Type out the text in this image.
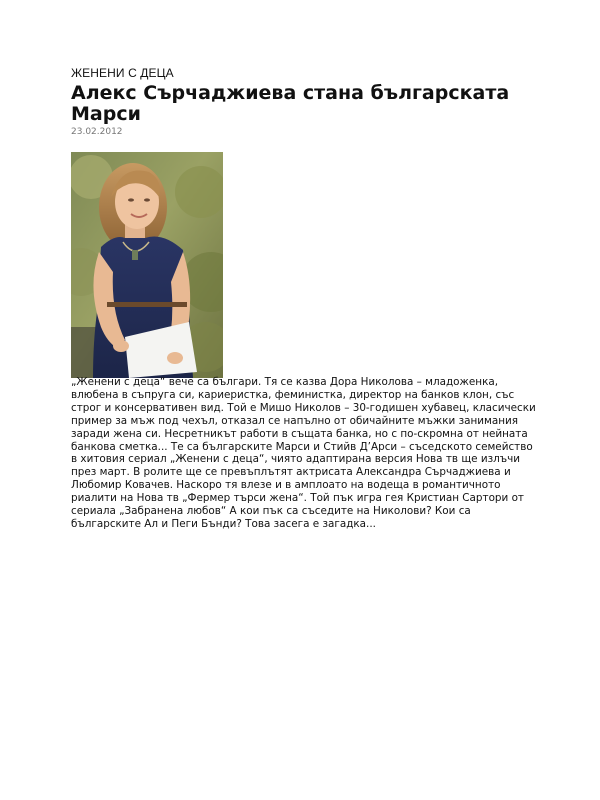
ЖЕНЕНИ С ДЕЦА

Алекс Сърчаджиева стана българската Марси

23.02.2012

„Женени с деца“ вече са българи. Тя се казва Дора Николова – младоженка, влюбена в съпруга си, кариеристка, феминистка, директор на банков клон, със строг и консервативен вид. Той е Мишо Николов – 30-годишен хубавец, класически пример за мъж под чехъл, отказал се напълно от обичайните мъжки занимания заради жена си. Несретникът работи в същата банка, но с по-скромна от нейната банкова сметка... Те са българските Марси и Стийв Д’Арси – съседското семейство в хитовия сериал „Женени с деца“, чиято адаптирана версия Нова тв ще излъчи през март. В ролите ще се превъплътят актрисата Александра Сърчаджиева и Любомир Ковачев. Наскоро тя влезе и в амплоато на водеща в романтичното риалити на Нова тв „Фермер търси жена“. Той пък игра гея Кристиан Сартори от сериала „Забранена любов“ А кои пък са съседите на Николови? Кои са българските Ал и Пеги Бънди? Това засега е загадка...
